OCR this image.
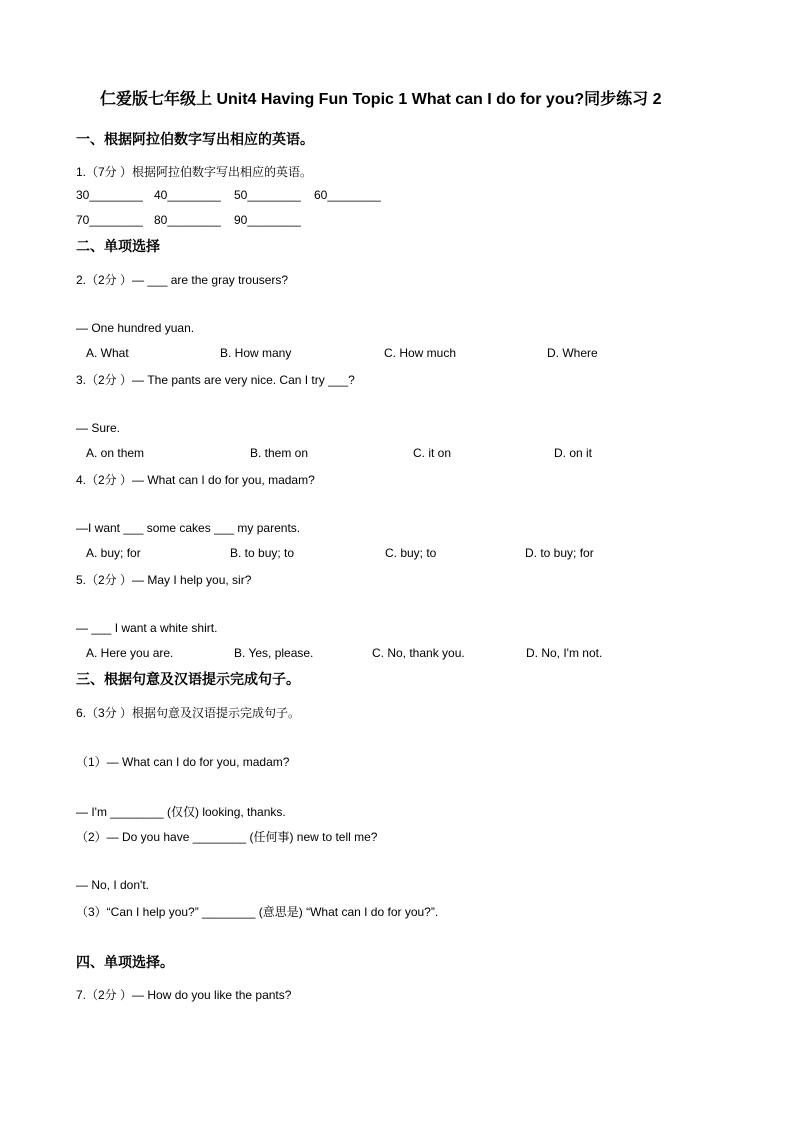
仁爱版七年级上 Unit4 Having Fun Topic 1 What can I do for you?同步练习 2
一、根据阿拉伯数字写出相应的英语。
1.（7分 ）根据阿拉伯数字写出相应的英语。
30________ 40________ 50________ 60________
70________ 80________ 90________
二、单项选择
2.（2分 ）— ___ are the gray trousers?
— One hundred yuan.
A. What	B. How many	C. How much	D. Where
3.（2分 ）— The pants are very nice. Can I try ___?
— Sure.
A. on them	B. them on	C. it on	D. on it
4.（2分 ）— What can I do for you, madam?
—I want ___ some cakes ___ my parents.
A. buy; for	B. to buy; to	C. buy; to	D. to buy; for
5.（2分 ）— May I help you, sir?
— ___ I want a white shirt.
A. Here you are.	B. Yes, please.	C. No, thank you.	D. No, I'm not.
三、根据句意及汉语提示完成句子。
6.（3分 ）根据句意及汉语提示完成句子。
（1）— What can I do for you, madam?
— I'm ________ (仅仅) looking, thanks.
（2）— Do you have ________ (任何事) new to tell me?
— No, I don't.
（3）“Can I help you?” ________ (意思是) “What can I do for you?”.
四、单项选择。
7.（2分 ）— How do you like the pants?
